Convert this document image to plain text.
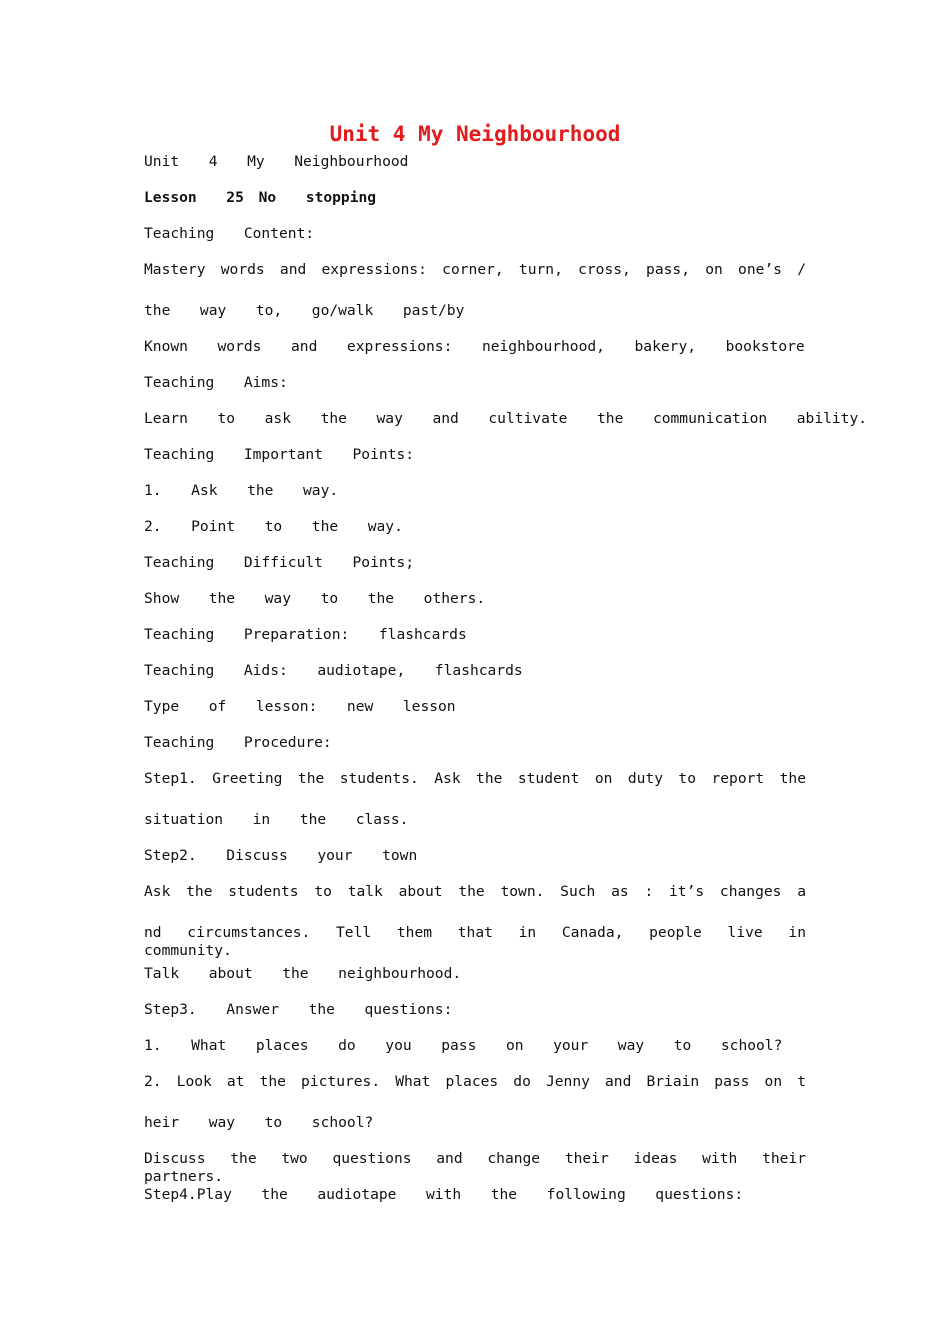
Unit 4 My Neighbourhood
Unit  4  My  Neighbourhood
Lesson  25 No  stopping
Teaching  Content:
Mastery words and expressions: corner, turn, cross, pass, on one’s /
the  way  to,  go/walk  past/by
Known  words  and  expressions:  neighbourhood,  bakery,  bookstore
Teaching  Aims:
Learn  to  ask  the  way  and  cultivate  the  communication  ability.
Teaching  Important  Points:
1.  Ask  the  way.
2.  Point  to  the  way.
Teaching  Difficult  Points;
Show  the  way  to  the  others.
Teaching  Preparation:  flashcards
Teaching  Aids:  audiotape,  flashcards
Type  of  lesson:  new  lesson
Teaching  Procedure:
Step1. Greeting the students. Ask the student on duty to report the
situation  in  the  class.
Step2.  Discuss  your  town
Ask the students to talk about the town. Such as : it’s changes a
nd circumstances. Tell them that in Canada, people live in community.
Talk  about  the  neighbourhood.
Step3.  Answer  the  questions:
1.  What  places  do  you  pass  on  your  way  to  school?
2. Look at the pictures. What places do Jenny and Briain pass on t
heir  way  to  school?
Discuss the two questions and change their ideas with their partners.
Step4.Play  the  audiotape  with  the  following  questions:
